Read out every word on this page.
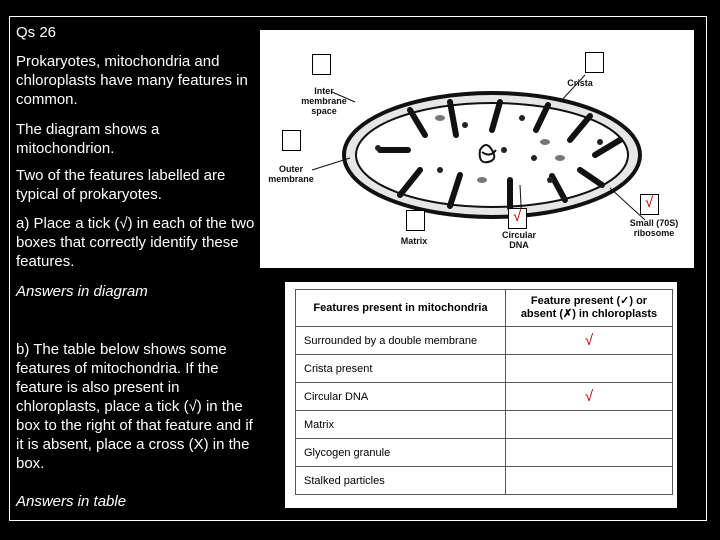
Qs 26
Prokaryotes, mitochondria and chloroplasts have many features in common.
The diagram shows a mitochondrion.
Two of the features labelled are typical of prokaryotes.
a) Place a tick (√) in each of the two boxes that correctly identify these features.
Answers in diagram
b) The table below shows some features of mitochondria. If the feature is also present in chloroplasts, place a tick (√) in the box to the right of that feature and if it is absent, place a cross (X) in the box.
Answers in table
Inter membrane space
Outer membrane
Crista
Matrix
√
Circular DNA
√
Small (70S) ribosome
Features present in mitochondria	Feature present (✓) or absent (✗) in chloroplasts
Surrounded by a double membrane	√
Crista present	
Circular DNA	√
Matrix	
Glycogen granule	
Stalked particles	
12
